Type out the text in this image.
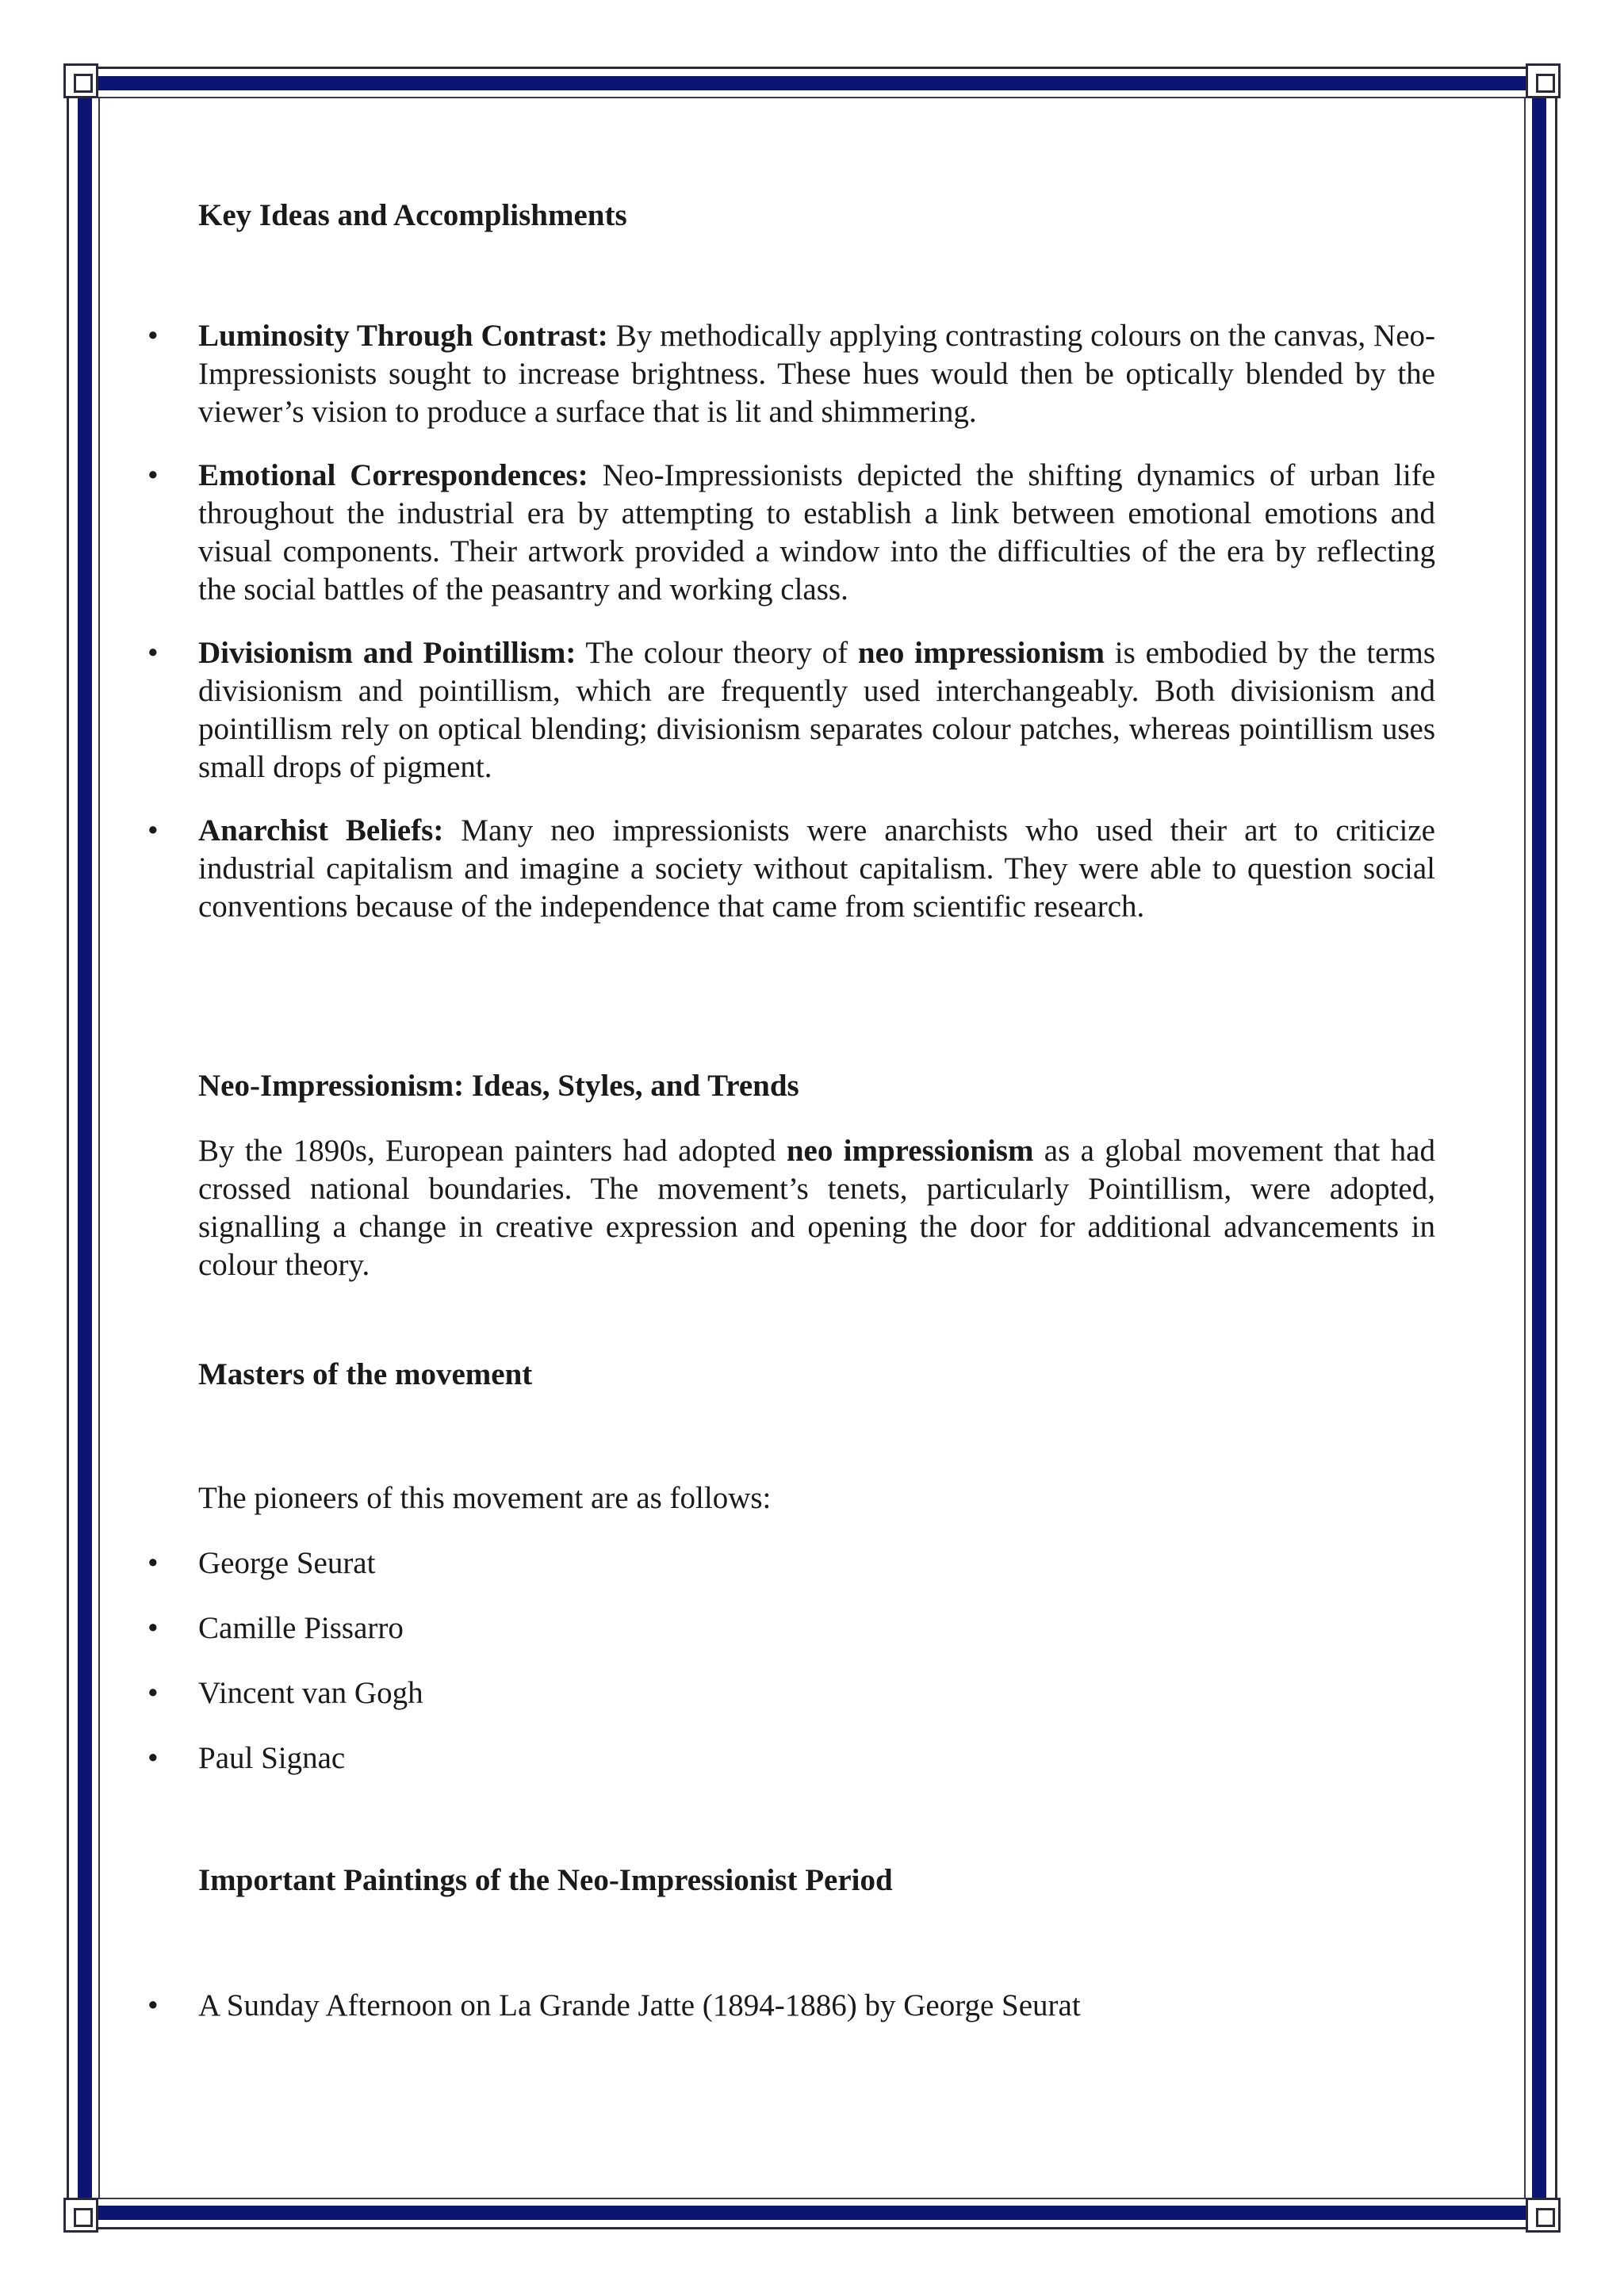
Key Ideas and Accomplishments

• Luminosity Through Contrast: By methodically applying contrasting colours on the canvas, Neo-Impressionists sought to increase brightness. These hues would then be optically blended by the viewer’s vision to produce a surface that is lit and shimmering.
• Emotional Correspondences: Neo-Impressionists depicted the shifting dynamics of urban life throughout the industrial era by attempting to establish a link between emotional emotions and visual components. Their artwork provided a window into the difficulties of the era by reflecting the social battles of the peasantry and working class.
• Divisionism and Pointillism: The colour theory of neo impressionism is embodied by the terms divisionism and pointillism, which are frequently used interchangeably. Both divisionism and pointillism rely on optical blending; divisionism separates colour patches, whereas pointillism uses small drops of pigment.
• Anarchist Beliefs: Many neo impressionists were anarchists who used their art to criticize industrial capitalism and imagine a society without capitalism. They were able to question social conventions because of the independence that came from scientific research.

Neo-Impressionism: Ideas, Styles, and Trends

By the 1890s, European painters had adopted neo impressionism as a global movement that had crossed national boundaries. The movement’s tenets, particularly Pointillism, were adopted, signalling a change in creative expression and opening the door for additional advancements in colour theory.

Masters of the movement

The pioneers of this movement are as follows:

• George Seurat
• Camille Pissarro
• Vincent van Gogh
• Paul Signac

Important Paintings of the Neo-Impressionist Period

• A Sunday Afternoon on La Grande Jatte (1894-1886) by George Seurat
